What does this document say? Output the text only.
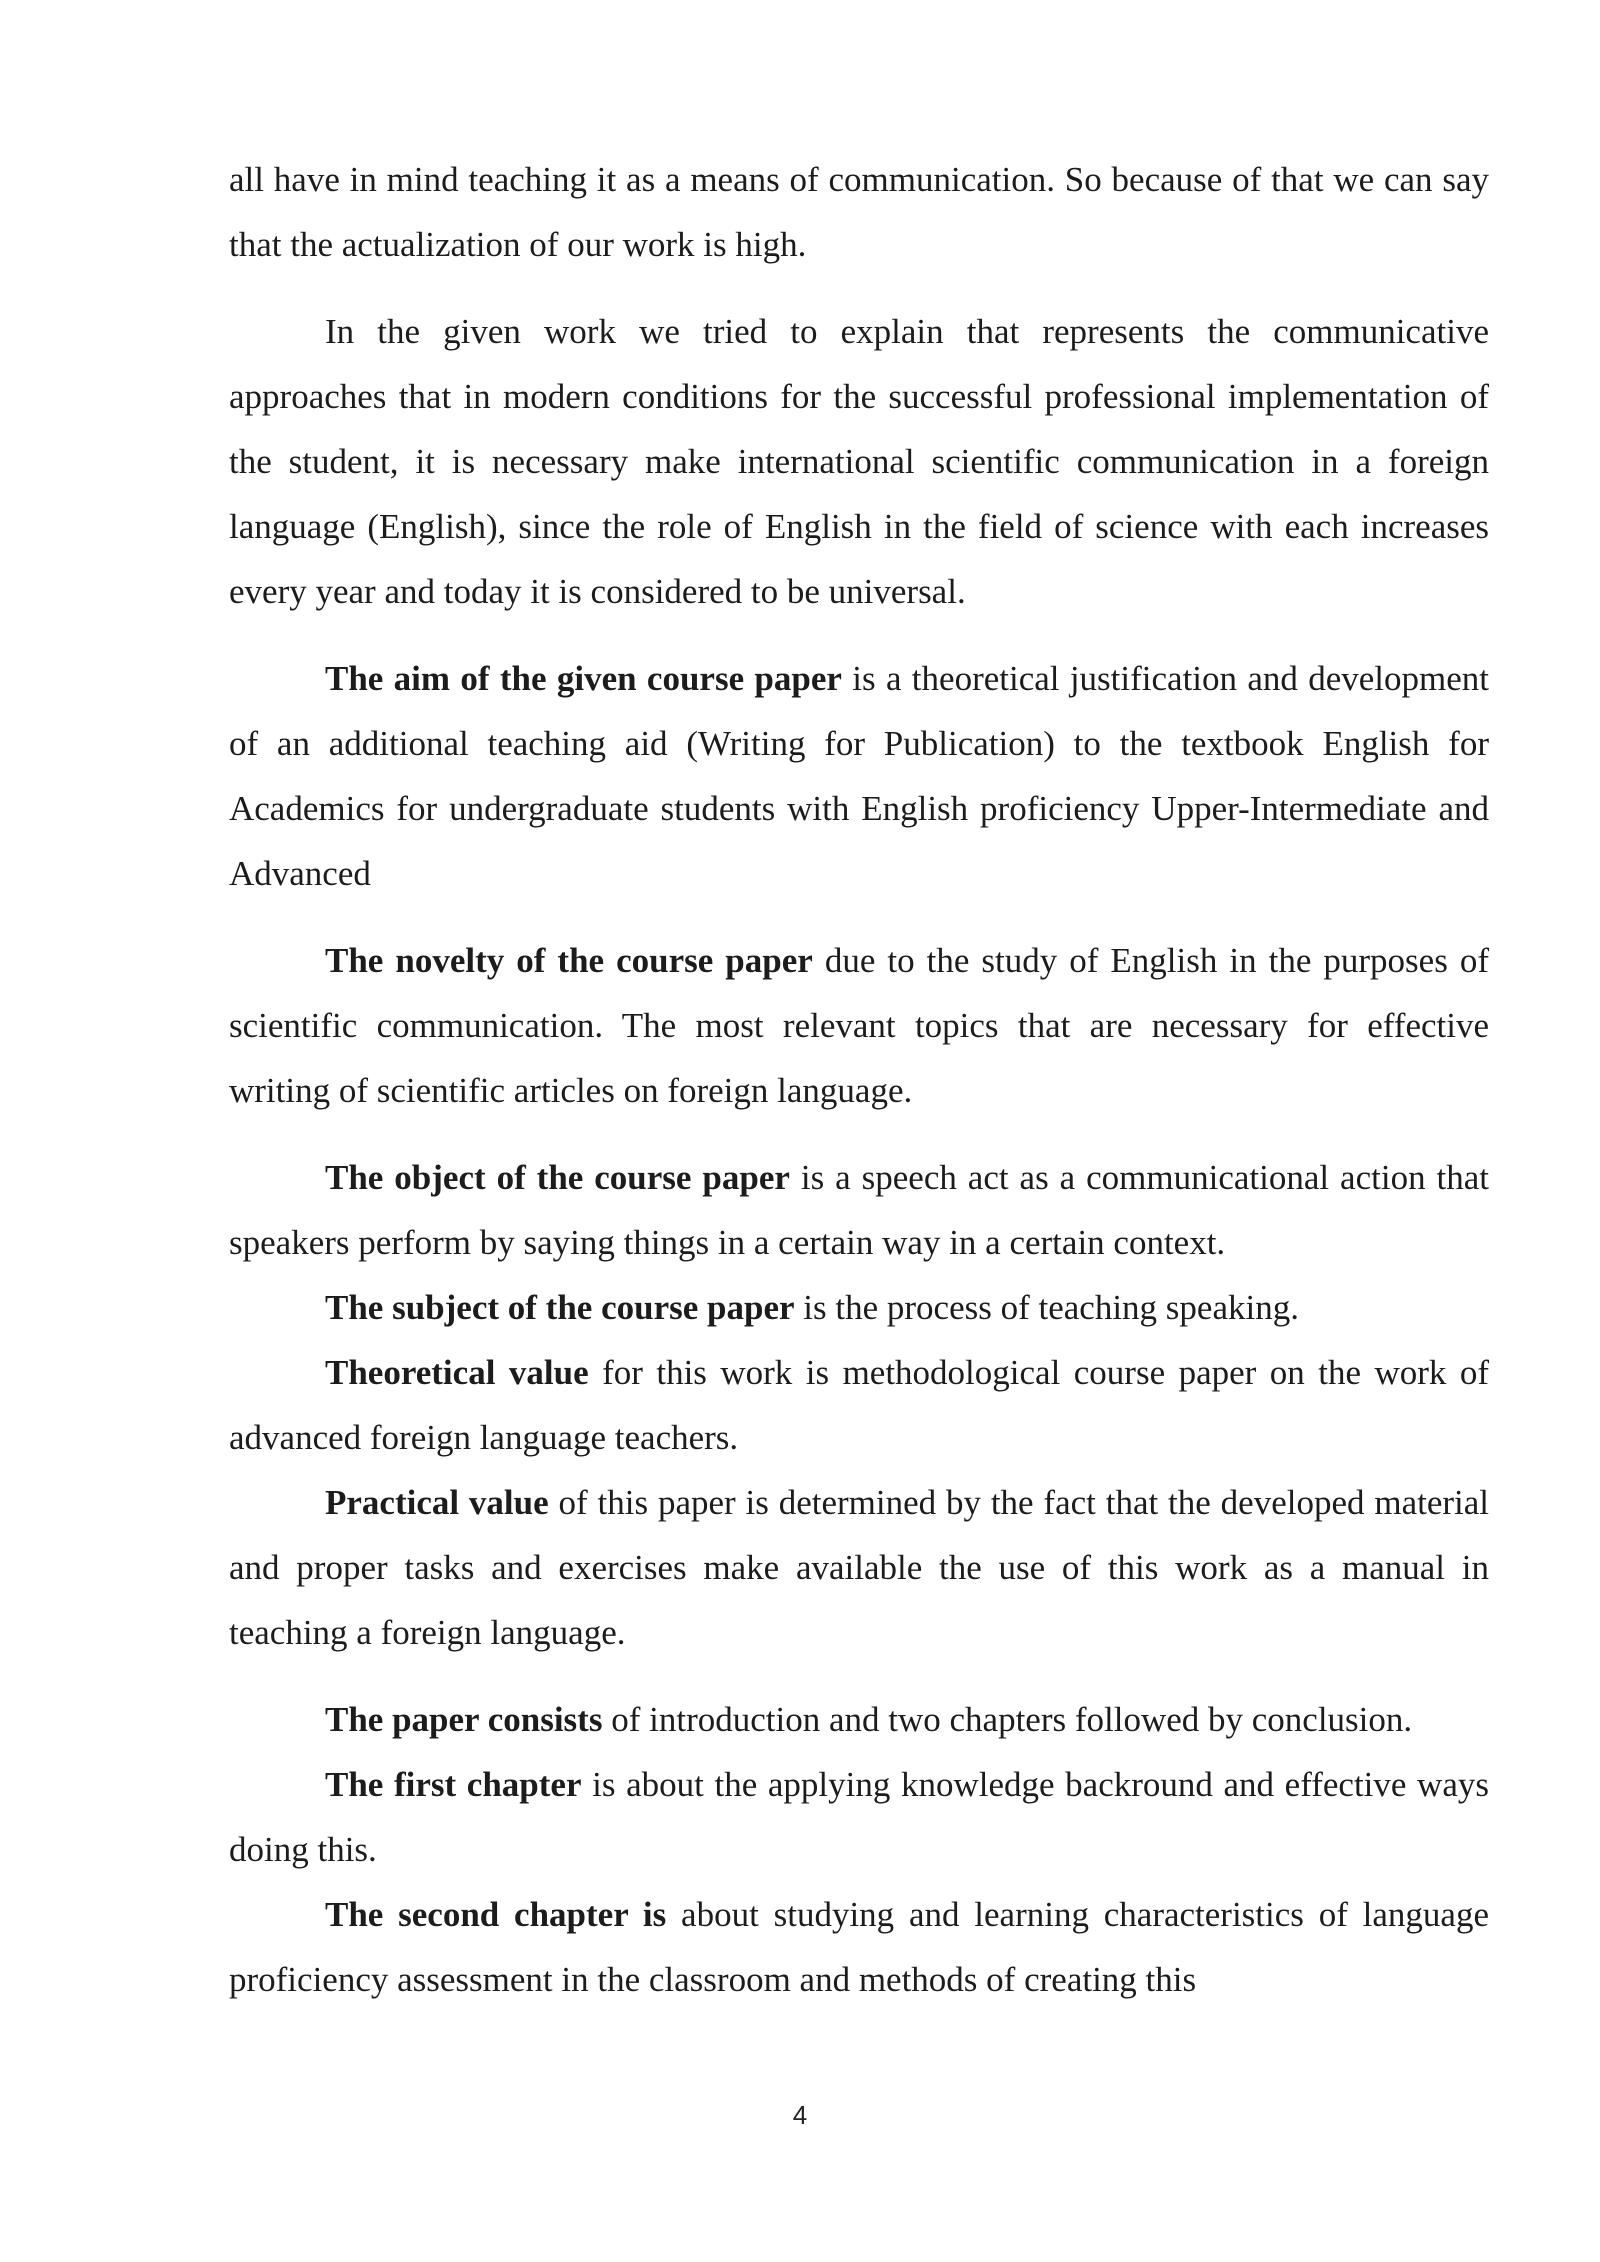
all have in mind teaching it as a means of communication. So because of that we can say that the actualization of our work is high.

In the given work we tried to explain that represents the communicative approaches that in modern conditions for the successful professional implementation of the student, it is necessary make international scientific communication in a foreign language (English), since the role of English in the field of science with each increases every year and today it is considered to be universal.

The aim of the given course paper is a theoretical justification and development of an additional teaching aid (Writing for Publication) to the textbook English for Academics for undergraduate students with English proficiency Upper-Intermediate and Advanced

The novelty of the course paper due to the study of English in the purposes of scientific communication. The most relevant topics that are necessary for effective writing of scientific articles on foreign language.

The object of the course paper is a speech act as a communicational action that speakers perform by saying things in a certain way in a certain context.

The subject of the course paper is the process of teaching speaking.

Theoretical value for this work is methodological course paper on the work of advanced foreign language teachers.

Practical value of this paper is determined by the fact that the developed material and proper tasks and exercises make available the use of this work as a manual in teaching a foreign language.

The paper consists of introduction and two chapters followed by conclusion.

The first chapter is about the applying knowledge backround and effective ways doing this.

The second chapter is about studying and learning characteristics of language proficiency assessment in the classroom and methods of creating this

4
